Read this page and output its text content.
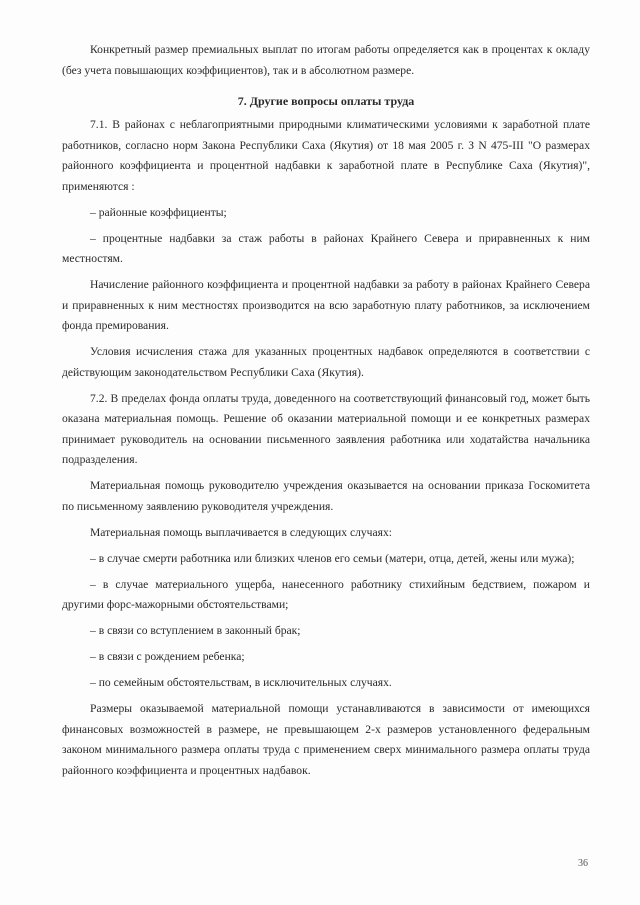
Конкретный размер премиальных выплат по итогам работы определяется как в процентах к окладу (без учета повышающих коэффициентов), так и в абсолютном размере.

7. Другие вопросы оплаты труда

7.1. В районах с неблагоприятными природными климатическими условиями к заработной плате работников, согласно норм Закона Республики Саха (Якутия) от 18 мая 2005 г. З N 475-III "О размерах районного коэффициента и процентной надбавки к заработной плате в Республике Саха (Якутия)", применяются :

– районные коэффициенты;

– процентные надбавки за стаж работы в районах Крайнего Севера и приравненных к ним местностям.

Начисление районного коэффициента и процентной надбавки за работу в районах Крайнего Севера и приравненных к ним местностях производится на всю заработную плату работников, за исключением фонда премирования.

Условия исчисления стажа для указанных процентных надбавок определяются в соответствии с действующим законодательством Республики Саха (Якутия).

7.2. В пределах фонда оплаты труда, доведенного на соответствующий финансовый год, может быть оказана материальная помощь. Решение об оказании материальной помощи и ее конкретных размерах принимает руководитель на основании письменного заявления работника или ходатайства начальника подразделения.

Материальная помощь руководителю учреждения оказывается на основании приказа Госкомитета по письменному заявлению руководителя учреждения.

Материальная помощь выплачивается в следующих случаях:

– в случае смерти работника или близких членов его семьи (матери, отца, детей, жены или мужа);

– в случае материального ущерба, нанесенного работнику стихийным бедствием, пожаром и другими форс-мажорными обстоятельствами;

– в связи со вступлением в законный брак;

– в связи с рождением ребенка;

– по семейным обстоятельствам, в исключительных случаях.

Размеры оказываемой материальной помощи устанавливаются в зависимости от имеющихся финансовых возможностей в размере, не превышающем 2-х размеров установленного федеральным законом минимального размера оплаты труда с применением сверх минимального размера оплаты труда районного коэффициента и процентных надбавок.

36
